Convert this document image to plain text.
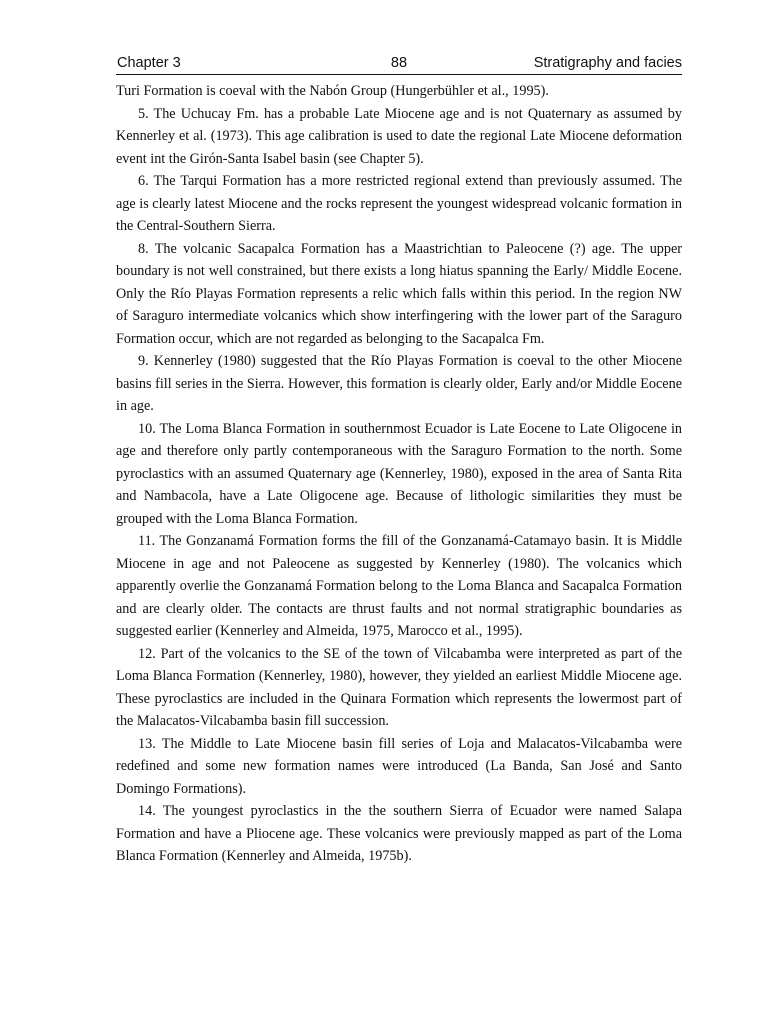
Chapter 3	88	Stratigraphy and facies

Turi Formation is coeval with the Nabón Group (Hungerbühler et al., 1995).

5. The Uchucay Fm. has a probable Late Miocene age and is not Quaternary as assumed by Kennerley et al. (1973). This age calibration is used to date the regional Late Miocene deformation event int the Girón-Santa Isabel basin (see Chapter 5).

6. The Tarqui Formation has a more restricted regional extend than previously assumed. The age is clearly latest Miocene and the rocks represent the youngest widespread volcanic formation in the Central-Southern Sierra.

8. The volcanic Sacapalca Formation has a Maastrichtian to Paleocene (?) age. The upper boundary is not well constrained, but there exists a long hiatus spanning the Early/ Middle Eocene. Only the Río Playas Formation represents a relic which falls within this period. In the region NW of Saraguro intermediate volcanics which show interfingering with the lower part of the Saraguro Formation occur, which are not regarded as belonging to the Sacapalca Fm.

9. Kennerley (1980) suggested that the Río Playas Formation is coeval to the other Miocene basins fill series in the Sierra. However, this formation is clearly older, Early and/or Middle Eocene in age.

10. The Loma Blanca Formation in southernmost Ecuador is Late Eocene to Late Oligocene in age and therefore only partly contemporaneous with the Saraguro Formation to the north. Some pyroclastics with an assumed Quaternary age (Kennerley, 1980), exposed in the area of Santa Rita and Nambacola, have a Late Oligocene age. Because of lithologic similarities they must be grouped with the Loma Blanca Formation.

11. The Gonzanamá Formation forms the fill of the Gonzanamá-Catamayo basin. It is Middle Miocene in age and not Paleocene as suggested by Kennerley (1980). The volcanics which apparently overlie the Gonzanamá Formation belong to the Loma Blanca and Sacapalca Formation and are clearly older. The contacts are thrust faults and not normal stratigraphic boundaries as suggested earlier (Kennerley and Almeida, 1975, Marocco et al., 1995).

12. Part of the volcanics to the SE of the town of Vilcabamba were interpreted as part of the Loma Blanca Formation (Kennerley, 1980), however, they yielded an earliest Middle Miocene age. These pyroclastics are included in the Quinara Formation which represents the lowermost part of the Malacatos-Vilcabamba basin fill succession.

13. The Middle to Late Miocene basin fill series of Loja and Malacatos-Vilcabamba were redefined and some new formation names were introduced (La Banda, San José and Santo Domingo Formations).

14. The youngest pyroclastics in the the southern Sierra of Ecuador were named Salapa Formation and have a Pliocene age. These volcanics were previously mapped as part of the Loma Blanca Formation (Kennerley and Almeida, 1975b).
